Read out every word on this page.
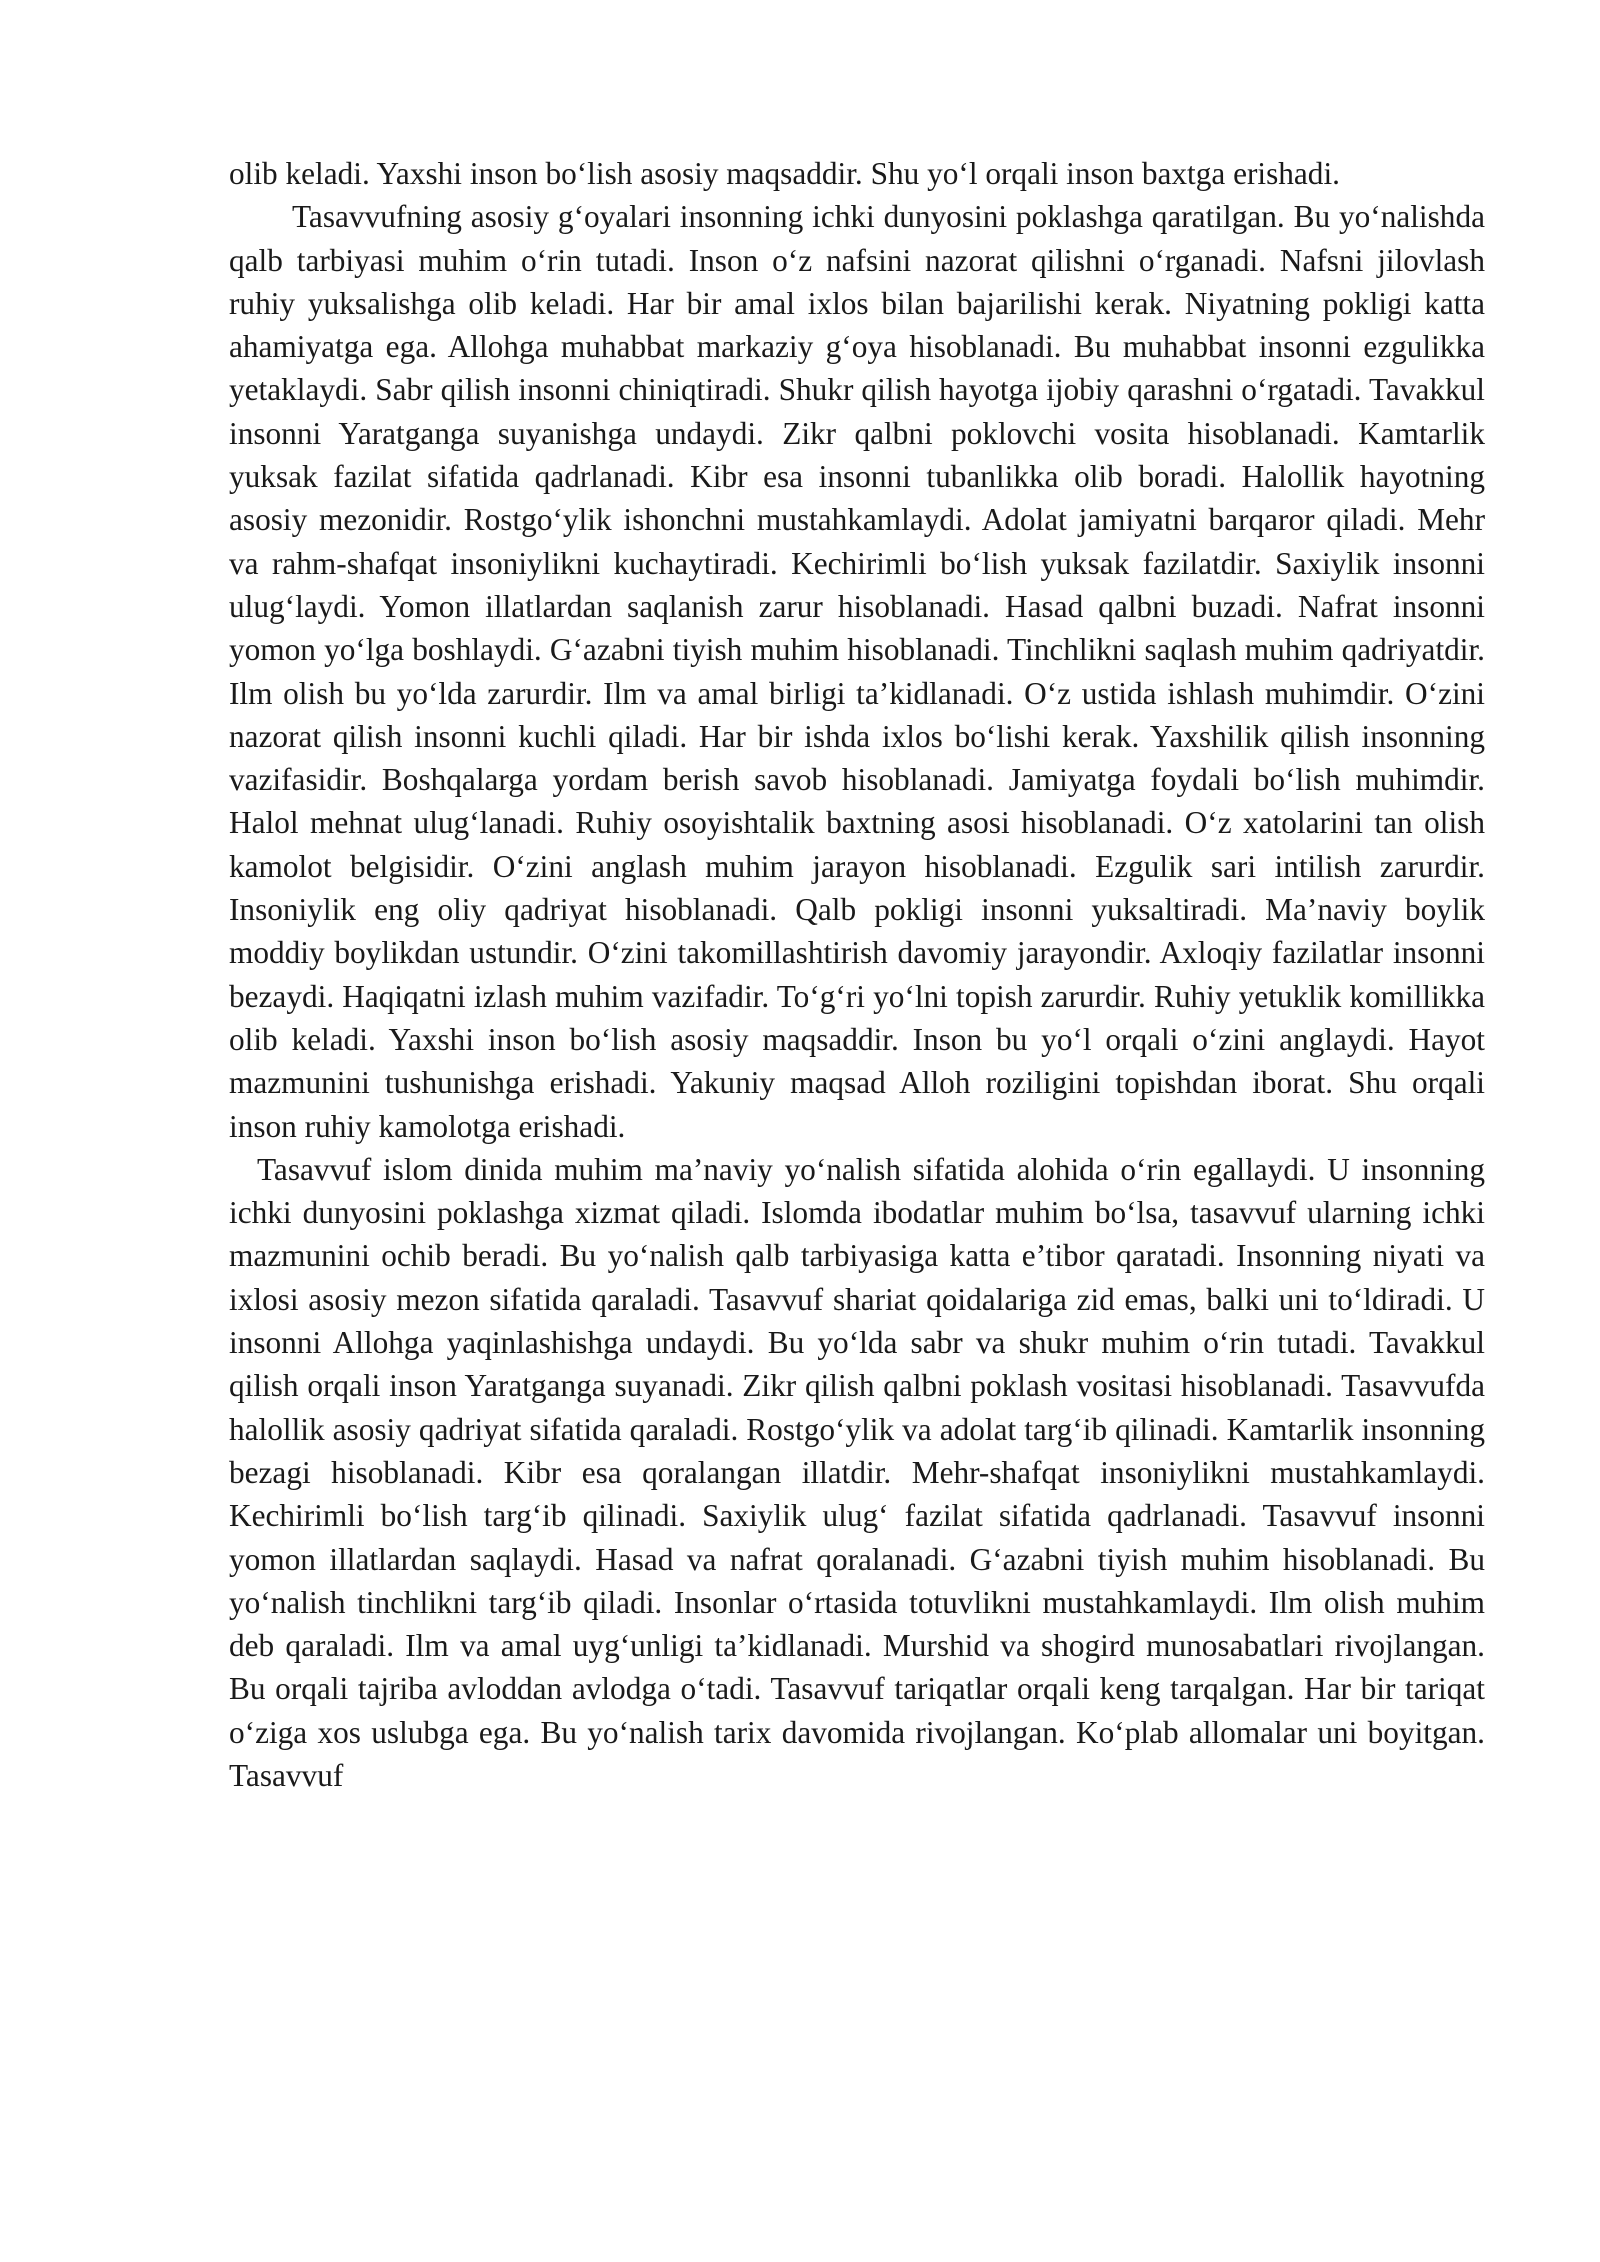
olib keladi. Yaxshi inson bo‘lish asosiy maqsaddir. Shu yo‘l orqali inson baxtga erishadi.

Tasavvufning asosiy g‘oyalari insonning ichki dunyosini poklashga qaratilgan. Bu yo‘nalishda qalb tarbiyasi muhim o‘rin tutadi. Inson o‘z nafsini nazorat qilishni o‘rganadi. Nafsni jilovlash ruhiy yuksalishga olib keladi. Har bir amal ixlos bilan bajarilishi kerak. Niyatning pokligi katta ahamiyatga ega. Allohga muhabbat markaziy g‘oya hisoblanadi. Bu muhabbat insonni ezgulikka yetaklaydi. Sabr qilish insonni chiniqtiradi. Shukr qilish hayotga ijobiy qarashni o‘rgatadi. Tavakkul insonni Yaratganga suyanishga undaydi. Zikr qalbni poklovchi vosita hisoblanadi. Kamtarlik yuksak fazilat sifatida qadrlanadi. Kibr esa insonni tubanlikka olib boradi. Halollik hayotning asosiy mezonidir. Rostgo‘ylik ishonchni mustahkamlaydi. Adolat jamiyatni barqaror qiladi. Mehr va rahm-shafqat insoniylikni kuchaytiradi. Kechirimli bo‘lish yuksak fazilatdir. Saxiylik insonni ulug‘laydi. Yomon illatlardan saqlanish zarur hisoblanadi. Hasad qalbni buzadi. Nafrat insonni yomon yo‘lga boshlaydi. G‘azabni tiyish muhim hisoblanadi. Tinchlikni saqlash muhim qadriyatdir. Ilm olish bu yo‘lda zarurdir. Ilm va amal birligi ta’kidlanadi. O‘z ustida ishlash muhimdir. O‘zini nazorat qilish insonni kuchli qiladi. Har bir ishda ixlos bo‘lishi kerak. Yaxshilik qilish insonning vazifasidir. Boshqalarga yordam berish savob hisoblanadi. Jamiyatga foydali bo‘lish muhimdir. Halol mehnat ulug‘lanadi. Ruhiy osoyishtalik baxtning asosi hisoblanadi. O‘z xatolarini tan olish kamolot belgisidir. O‘zini anglash muhim jarayon hisoblanadi. Ezgulik sari intilish zarurdir. Insoniylik eng oliy qadriyat hisoblanadi. Qalb pokligi insonni yuksaltiradi. Ma’naviy boylik moddiy boylikdan ustundir. O‘zini takomillashtirish davomiy jarayondir. Axloqiy fazilatlar insonni bezaydi. Haqiqatni izlash muhim vazifadir. To‘g‘ri yo‘lni topish zarurdir. Ruhiy yetuklik komillikka olib keladi. Yaxshi inson bo‘lish asosiy maqsaddir. Inson bu yo‘l orqali o‘zini anglaydi. Hayot mazmunini tushunishga erishadi. Yakuniy maqsad Alloh roziligini topishdan iborat. Shu orqali inson ruhiy kamolotga erishadi.

Tasavvuf islom dinida muhim ma’naviy yo‘nalish sifatida alohida o‘rin egallaydi. U insonning ichki dunyosini poklashga xizmat qiladi. Islomda ibodatlar muhim bo‘lsa, tasavvuf ularning ichki mazmunini ochib beradi. Bu yo‘nalish qalb tarbiyasiga katta e’tibor qaratadi. Insonning niyati va ixlosi asosiy mezon sifatida qaraladi. Tasavvuf shariat qoidalariga zid emas, balki uni to‘ldiradi. U insonni Allohga yaqinlashishga undaydi. Bu yo‘lda sabr va shukr muhim o‘rin tutadi. Tavakkul qilish orqali inson Yaratganga suyanadi. Zikr qilish qalbni poklash vositasi hisoblanadi. Tasavvufda halollik asosiy qadriyat sifatida qaraladi. Rostgo‘ylik va adolat targ‘ib qilinadi. Kamtarlik insonning bezagi hisoblanadi. Kibr esa qoralangan illatdir. Mehr-shafqat insoniylikni mustahkamlaydi. Kechirimli bo‘lish targ‘ib qilinadi. Saxiylik ulug‘ fazilat sifatida qadrlanadi. Tasavvuf insonni yomon illatlardan saqlaydi. Hasad va nafrat qoralanadi. G‘azabni tiyish muhim hisoblanadi. Bu yo‘nalish tinchlikni targ‘ib qiladi. Insonlar o‘rtasida totuvlikni mustahkamlaydi. Ilm olish muhim deb qaraladi. Ilm va amal uyg‘unligi ta’kidlanadi. Murshid va shogird munosabatlari rivojlangan. Bu orqali tajriba avloddan avlodga o‘tadi. Tasavvuf tariqatlar orqali keng tarqalgan. Har bir tariqat o‘ziga xos uslubga ega. Bu yo‘nalish tarix davomida rivojlangan. Ko‘plab allomalar uni boyitgan. Tasavvuf
